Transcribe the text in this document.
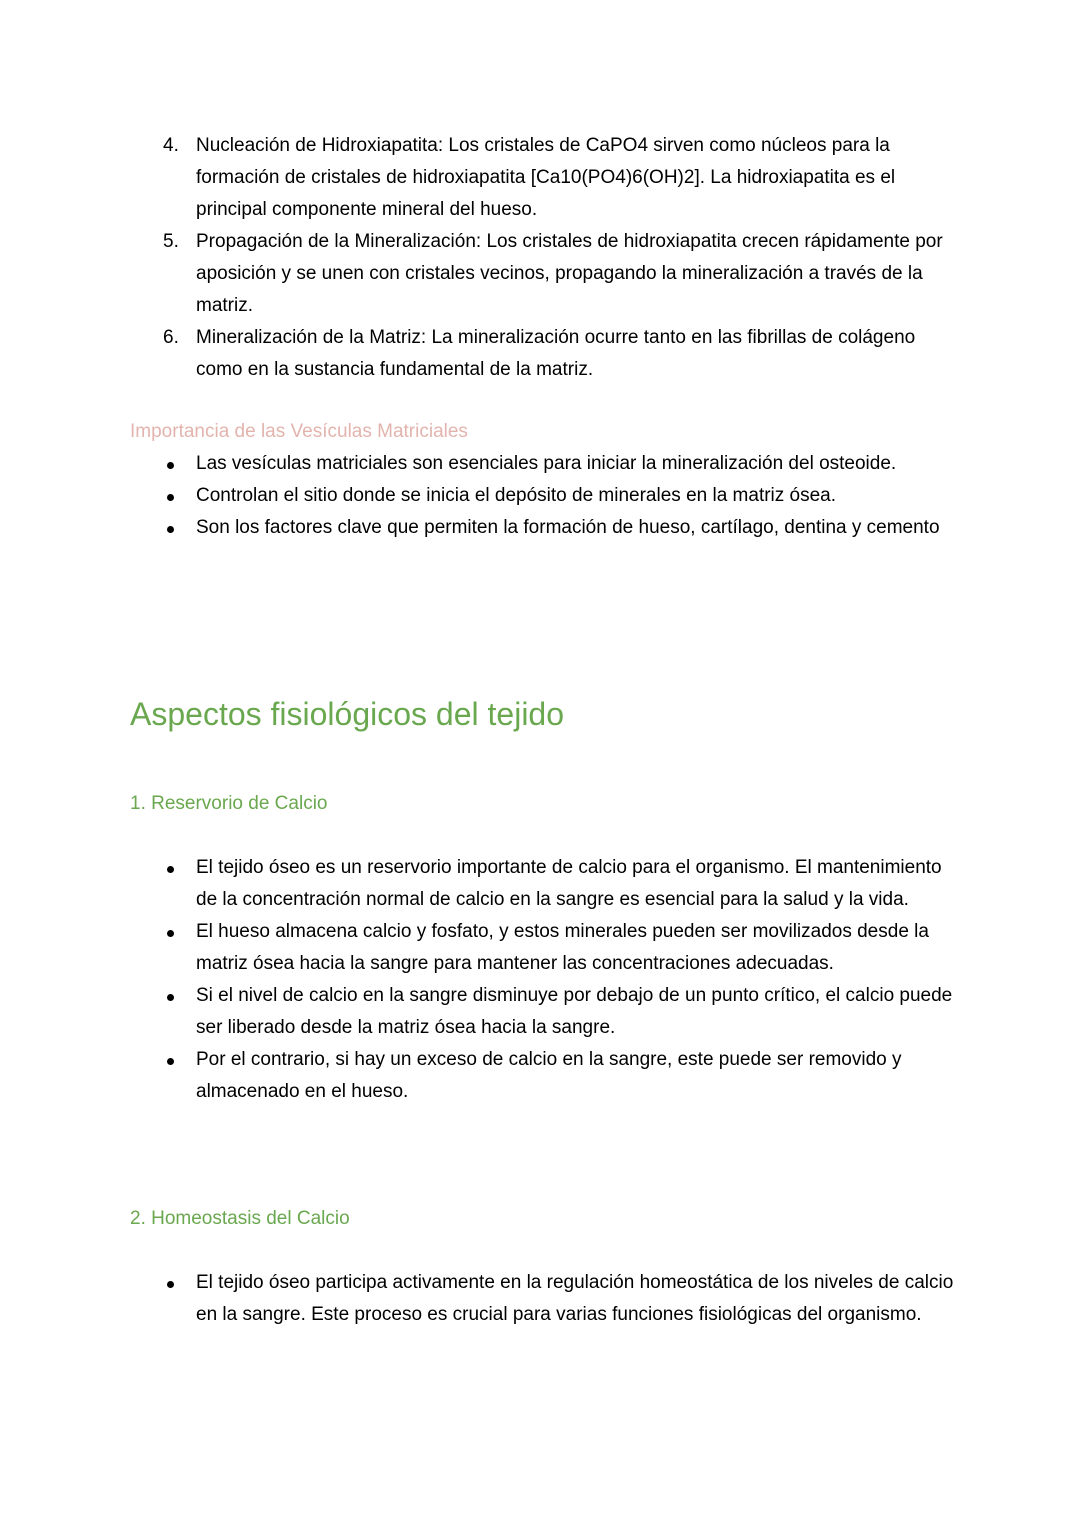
4. Nucleación de Hidroxiapatita: Los cristales de CaPO4 sirven como núcleos para la formación de cristales de hidroxiapatita [Ca10(PO4)6(OH)2]. La hidroxiapatita es el principal componente mineral del hueso.
5. Propagación de la Mineralización: Los cristales de hidroxiapatita crecen rápidamente por aposición y se unen con cristales vecinos, propagando la mineralización a través de la matriz.
6. Mineralización de la Matriz: La mineralización ocurre tanto en las fibrillas de colágeno como en la sustancia fundamental de la matriz.
Importancia de las Vesículas Matriciales
Las vesículas matriciales son esenciales para iniciar la mineralización del osteoide.
Controlan el sitio donde se inicia el depósito de minerales en la matriz ósea.
Son los factores clave que permiten la formación de hueso, cartílago, dentina y cemento
Aspectos fisiológicos del tejido
1. Reservorio de Calcio
El tejido óseo es un reservorio importante de calcio para el organismo. El mantenimiento de la concentración normal de calcio en la sangre es esencial para la salud y la vida.
El hueso almacena calcio y fosfato, y estos minerales pueden ser movilizados desde la matriz ósea hacia la sangre para mantener las concentraciones adecuadas.
Si el nivel de calcio en la sangre disminuye por debajo de un punto crítico, el calcio puede ser liberado desde la matriz ósea hacia la sangre.
Por el contrario, si hay un exceso de calcio en la sangre, este puede ser removido y almacenado en el hueso.
2. Homeostasis del Calcio
El tejido óseo participa activamente en la regulación homeostática de los niveles de calcio en la sangre. Este proceso es crucial para varias funciones fisiológicas del organismo.
